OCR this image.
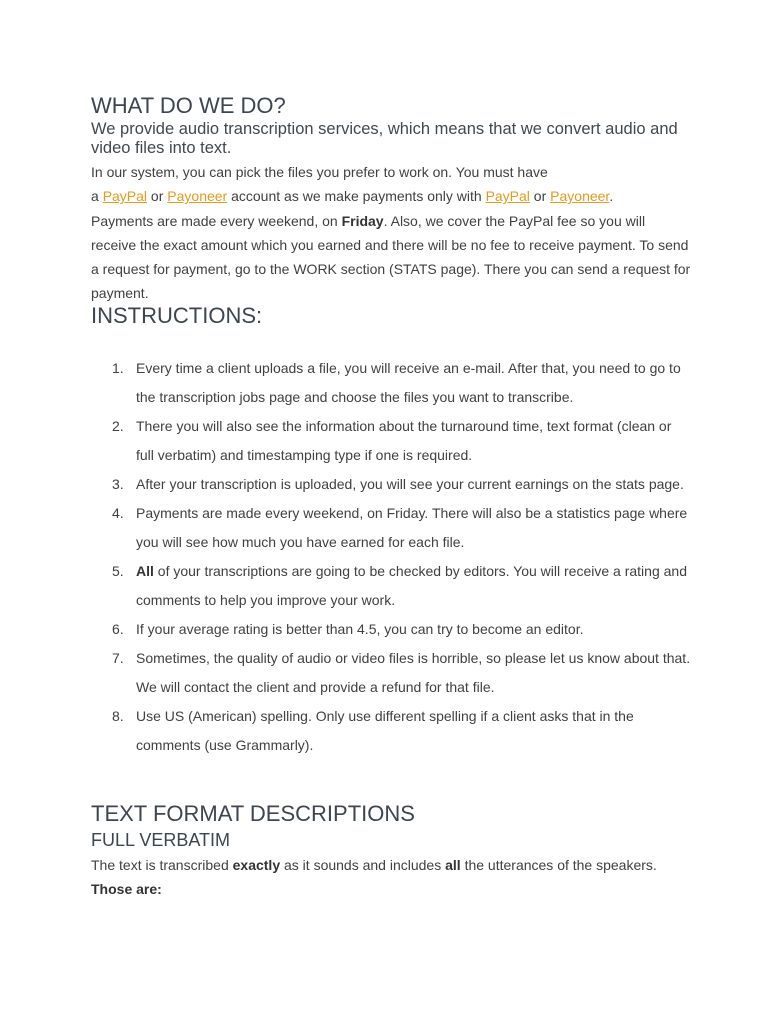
WHAT DO WE DO?

We provide audio transcription services, which means that we convert audio and video files into text.

In our system, you can pick the files you prefer to work on. You must have
a PayPal or Payoneer account as we make payments only with PayPal or Payoneer.
Payments are made every weekend, on Friday. Also, we cover the PayPal fee so you will receive the exact amount which you earned and there will be no fee to receive payment. To send a request for payment, go to the WORK section (STATS page). There you can send a request for payment.

INSTRUCTIONS:
1. Every time a client uploads a file, you will receive an e-mail. After that, you need to go to the transcription jobs page and choose the files you want to transcribe.
2. There you will also see the information about the turnaround time, text format (clean or full verbatim) and timestamping type if one is required.
3. After your transcription is uploaded, you will see your current earnings on the stats page.
4. Payments are made every weekend, on Friday. There will also be a statistics page where you will see how much you have earned for each file.
5. All of your transcriptions are going to be checked by editors. You will receive a rating and comments to help you improve your work.
6. If your average rating is better than 4.5, you can try to become an editor.
7. Sometimes, the quality of audio or video files is horrible, so please let us know about that. We will contact the client and provide a refund for that file.
8. Use US (American) spelling. Only use different spelling if a client asks that in the comments (use Grammarly).
TEXT FORMAT DESCRIPTIONS
FULL VERBATIM

The text is transcribed exactly as it sounds and includes all the utterances of the speakers.
Those are:
